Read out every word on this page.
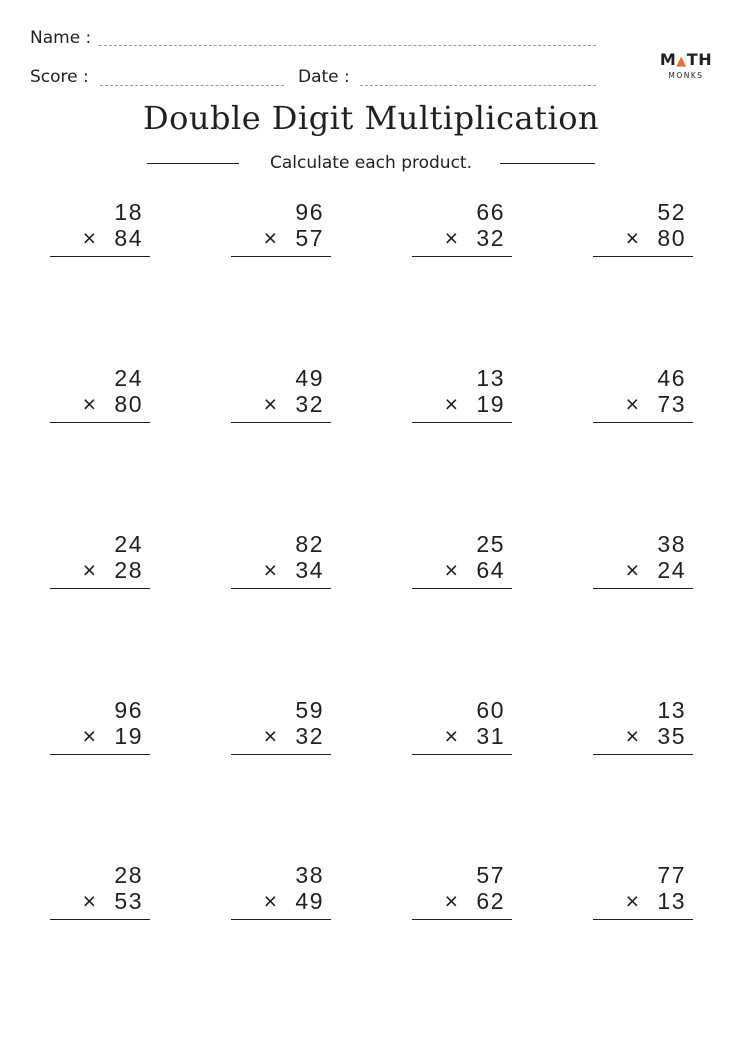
Name :
Score :	Date :
M▲TH
MONKS
Double Digit Multiplication
Calculate each product.
18
× 84
96
× 57
66
× 32
52
× 80
24
× 80
49
× 32
13
× 19
46
× 73
24
× 28
82
× 34
25
× 64
38
× 24
96
× 19
59
× 32
60
× 31
13
× 35
28
× 53
38
× 49
57
× 62
77
× 13
